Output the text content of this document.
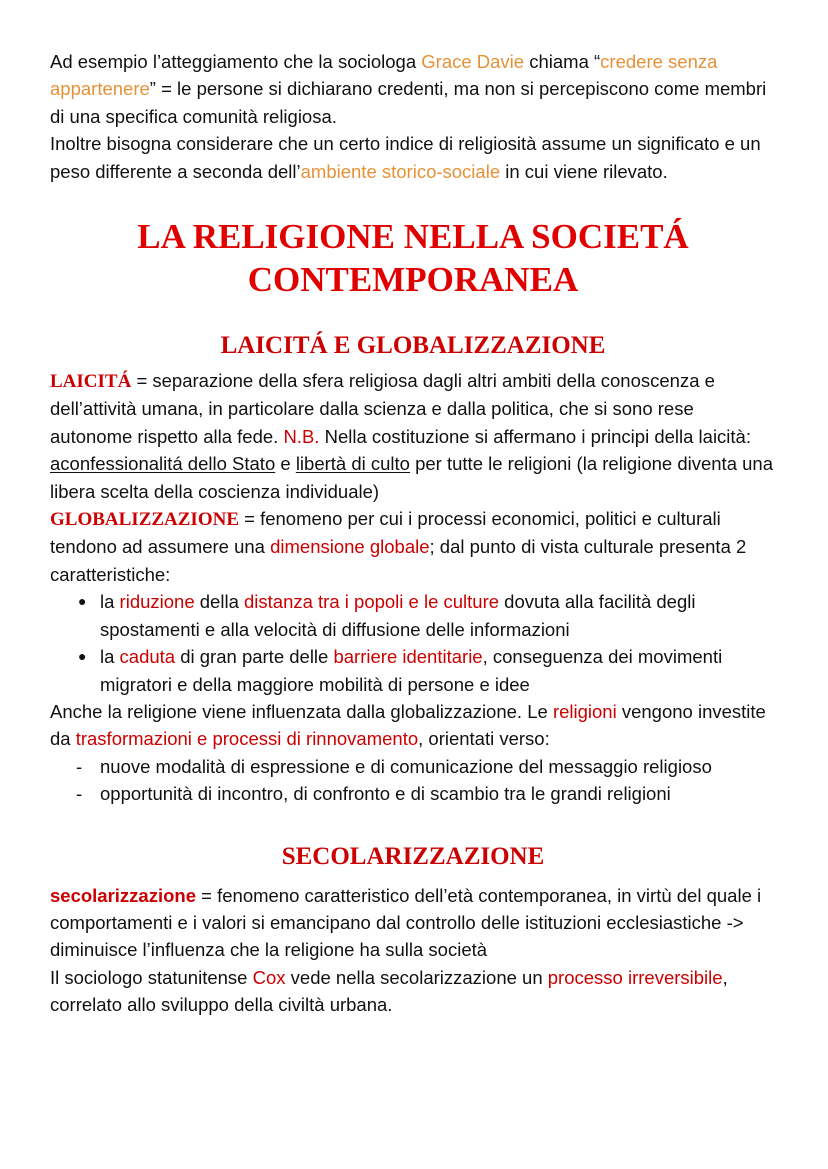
Ad esempio l’atteggiamento che la sociologa Grace Davie chiama “credere senza appartenere” = le persone si dichiarano credenti, ma non si percepiscono come membri di una specifica comunità religiosa.

Inoltre bisogna considerare che un certo indice di religiosità assume un significato e un peso differente a seconda dell’ambiente storico-sociale in cui viene rilevato.

LA RELIGIONE NELLA SOCIETÁ CONTEMPORANEA
LAICITÁ E GLOBALIZZAZIONE

LAICITÁ = separazione della sfera religiosa dagli altri ambiti della conoscenza e dell’attività umana, in particolare dalla scienza e dalla politica, che si sono rese autonome rispetto alla fede. N.B. Nella costituzione si affermano i principi della laicità: aconfessionalitá dello Stato e libertà di culto per tutte le religioni (la religione diventa una libera scelta della coscienza individuale)

GLOBALIZZAZIONE = fenomeno per cui i processi economici, politici e culturali tendono ad assumere una dimensione globale; dal punto di vista culturale presenta 2 caratteristiche:

● la riduzione della distanza tra i popoli e le culture dovuta alla facilità degli spostamenti e alla velocità di diffusione delle informazioni
● la caduta di gran parte delle barriere identitarie, conseguenza dei movimenti migratori e della maggiore mobilità di persone e idee

Anche la religione viene influenzata dalla globalizzazione. Le religioni vengono investite da trasformazioni e processi di rinnovamento, orientati verso:

- nuove modalità di espressione e di comunicazione del messaggio religioso
- opportunità di incontro, di confronto e di scambio tra le grandi religioni
SECOLARIZZAZIONE

secolarizzazione = fenomeno caratteristico dell’età contemporanea, in virtù del quale i comportamenti e i valori si emancipano dal controllo delle istituzioni ecclesiastiche -> diminuisce l’influenza che la religione ha sulla società

Il sociologo statunitense Cox vede nella secolarizzazione un processo irreversibile, correlato allo sviluppo della civiltà urbana.
